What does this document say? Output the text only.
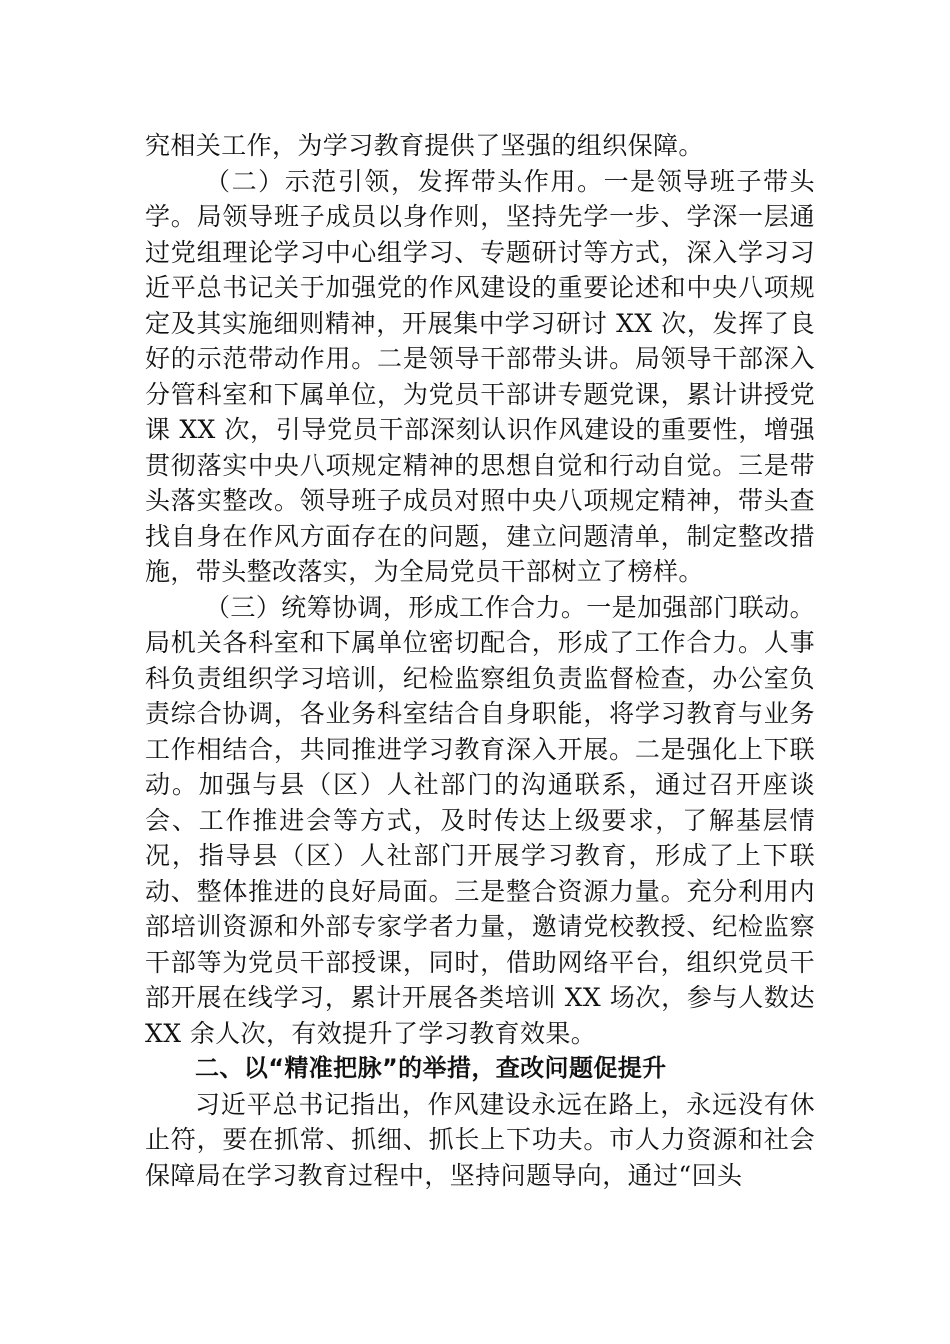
究相关工作，为学习教育提供了坚强的组织保障。

（二）示范引领，发挥带头作用。一是领导班子带头学。局领导班子成员以身作则，坚持先学一步、学深一层通过党组理论学习中心组学习、专题研讨等方式，深入学习习近平总书记关于加强党的作风建设的重要论述和中央八项规定及其实施细则精神，开展集中学习研讨 XX 次，发挥了良好的示范带动作用。二是领导干部带头讲。局领导干部深入分管科室和下属单位，为党员干部讲专题党课，累计讲授党课 XX 次，引导党员干部深刻认识作风建设的重要性，增强贯彻落实中央八项规定精神的思想自觉和行动自觉。三是带头落实整改。领导班子成员对照中央八项规定精神，带头查找自身在作风方面存在的问题，建立问题清单，制定整改措施，带头整改落实，为全局党员干部树立了榜样。

（三）统筹协调，形成工作合力。一是加强部门联动。局机关各科室和下属单位密切配合，形成了工作合力。人事科负责组织学习培训，纪检监察组负责监督检查，办公室负责综合协调，各业务科室结合自身职能，将学习教育与业务工作相结合，共同推进学习教育深入开展。二是强化上下联动。加强与县（区）人社部门的沟通联系，通过召开座谈会、工作推进会等方式，及时传达上级要求，了解基层情况，指导县（区）人社部门开展学习教育，形成了上下联动、整体推进的良好局面。三是整合资源力量。充分利用内部培训资源和外部专家学者力量，邀请党校教授、纪检监察干部等为党员干部授课，同时，借助网络平台，组织党员干部开展在线学习，累计开展各类培训 XX 场次，参与人数达 XX 余人次，有效提升了学习教育效果。

二、以“精准把脉”的举措，查改问题促提升

习近平总书记指出，作风建设永远在路上，永远没有休止符，要在抓常、抓细、抓长上下功夫。市人力资源和社会保障局在学习教育过程中，坚持问题导向，通过“回头
